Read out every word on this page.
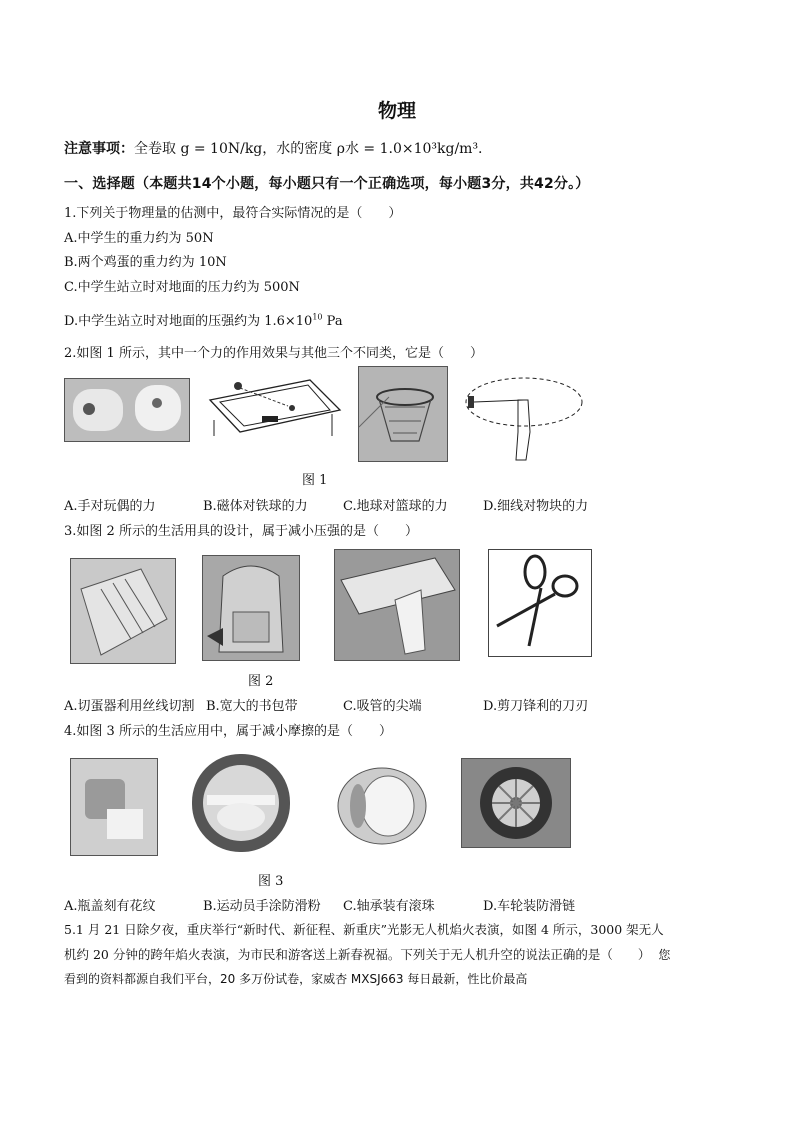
物理
注意事项：全卷取 g = 10N/kg，水的密度 ρ水 = 1.0×10³kg/m³.
一、选择题（本题共14个小题，每小题只有一个正确选项，每小题3分，共42分。）
1.下列关于物理量的估测中，最符合实际情况的是（　　）
A.中学生的重力约为 50N
B.两个鸡蛋的重力约为 10N
C.中学生站立时对地面的压力约为 500N
D.中学生站立时对地面的压强约为 $1.6\times 10^{10}$ Pa
2.如图 1 所示，其中一个力的作用效果与其他三个不同类，它是（　　）
图 1
A.手对玩偶的力	B.磁体对铁球的力	C.地球对篮球的力	D.细线对物块的力
3.如图 2 所示的生活用具的设计，属于减小压强的是（　　）
图 2
A.切蛋器利用丝线切割 B.宽大的书包带	C.吸管的尖端	D.剪刀锋利的刀刃
4.如图 3 所示的生活应用中，属于减小摩擦的是（　　）
图 3
A.瓶盖刻有花纹	B.运动员手涂防滑粉 C.轴承装有滚珠	D.车轮装防滑链
5.1 月 21 日除夕夜，重庆举行“新时代、新征程、新重庆”光影无人机焰火表演，如图 4 所示，3000 架无人
机约 20 分钟的跨年焰火表演，为市民和游客送上新春祝福。下列关于无人机升空的说法正确的是（　　） 您
看到的资料都源自我们平台，20 多万份试卷，家威杏 MXSJ663 每日最新，性比价最高
